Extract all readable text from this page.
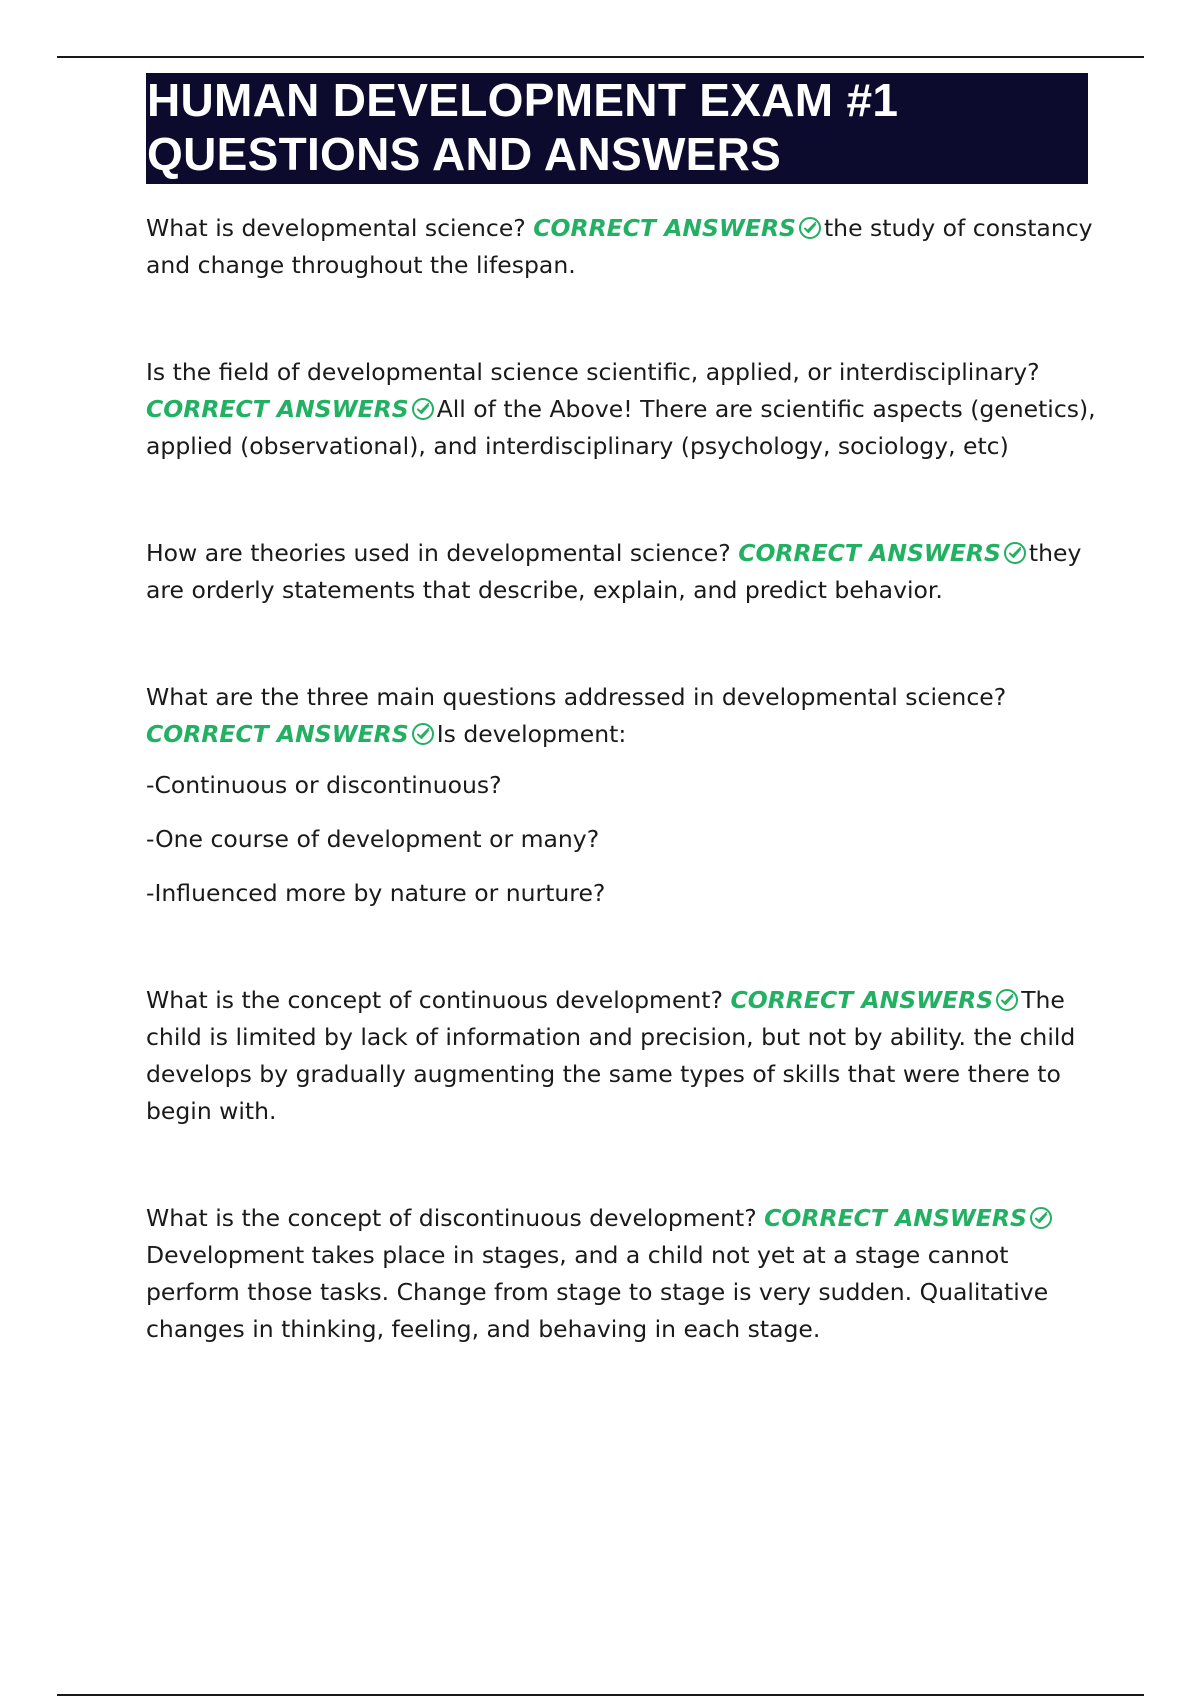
HUMAN DEVELOPMENT EXAM #1
QUESTIONS AND ANSWERS

What is developmental science? CORRECT ANSWERS the study of constancy and change throughout the lifespan.

Is the field of developmental science scientific, applied, or interdisciplinary? CORRECT ANSWERS All of the Above! There are scientific aspects (genetics), applied (observational), and interdisciplinary (psychology, sociology, etc)

How are theories used in developmental science? CORRECT ANSWERS they are orderly statements that describe, explain, and predict behavior.

What are the three main questions addressed in developmental science? CORRECT ANSWERS Is development:
-Continuous or discontinuous?
-One course of development or many?
-Influenced more by nature or nurture?

What is the concept of continuous development? CORRECT ANSWERS The child is limited by lack of information and precision, but not by ability. the child develops by gradually augmenting the same types of skills that were there to begin with.

What is the concept of discontinuous development? CORRECT ANSWERS
Development takes place in stages, and a child not yet at a stage cannot perform those tasks. Change from stage to stage is very sudden. Qualitative changes in thinking, feeling, and behaving in each stage.
